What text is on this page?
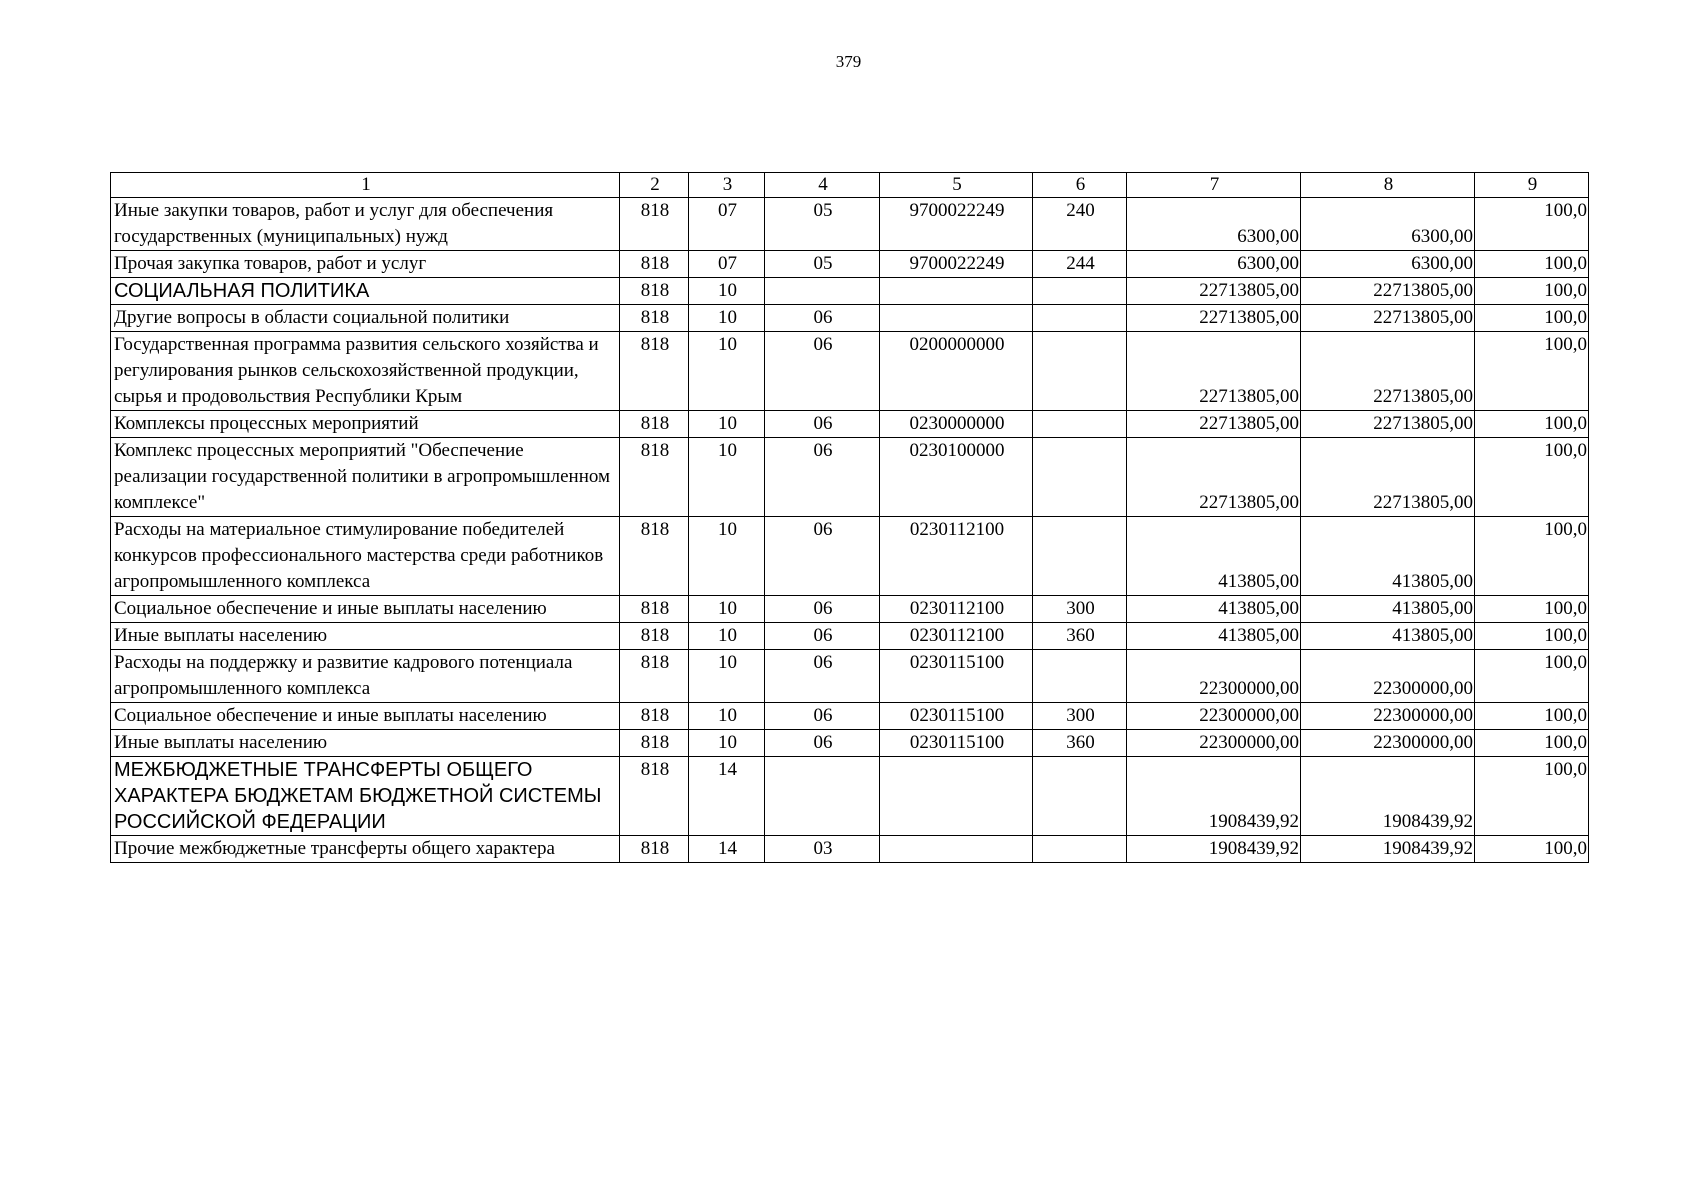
379
1	2	3	4	5	6	7	8	9
Иные закупки товаров, работ и услуг для обеспечения государственных (муниципальных) нужд	818	07	05	9700022249	240	6300,00	6300,00	100,0
Прочая закупка товаров, работ и услуг	818	07	05	9700022249	244	6300,00	6300,00	100,0
СОЦИАЛЬНАЯ ПОЛИТИКА	818	10				22713805,00	22713805,00	100,0
Другие вопросы в области социальной политики	818	10	06			22713805,00	22713805,00	100,0
Государственная программа развития сельского хозяйства и регулирования рынков сельскохозяйственной продукции, сырья и продовольствия Республики Крым	818	10	06	0200000000		22713805,00	22713805,00	100,0
Комплексы процессных мероприятий	818	10	06	0230000000		22713805,00	22713805,00	100,0
Комплекс процессных мероприятий "Обеспечение реализации государственной политики в агропромышленном комплексе"	818	10	06	0230100000		22713805,00	22713805,00	100,0
Расходы на материальное стимулирование победителей конкурсов профессионального мастерства среди работников агропромышленного комплекса	818	10	06	0230112100		413805,00	413805,00	100,0
Социальное обеспечение и иные выплаты населению	818	10	06	0230112100	300	413805,00	413805,00	100,0
Иные выплаты населению	818	10	06	0230112100	360	413805,00	413805,00	100,0
Расходы на поддержку и развитие кадрового потенциала агропромышленного комплекса	818	10	06	0230115100		22300000,00	22300000,00	100,0
Социальное обеспечение и иные выплаты населению	818	10	06	0230115100	300	22300000,00	22300000,00	100,0
Иные выплаты населению	818	10	06	0230115100	360	22300000,00	22300000,00	100,0
МЕЖБЮДЖЕТНЫЕ ТРАНСФЕРТЫ ОБЩЕГО ХАРАКТЕРА БЮДЖЕТАМ БЮДЖЕТНОЙ СИСТЕМЫ РОССИЙСКОЙ ФЕДЕРАЦИИ	818	14				1908439,92	1908439,92	100,0
Прочие межбюджетные трансферты общего характера	818	14	03			1908439,92	1908439,92	100,0
